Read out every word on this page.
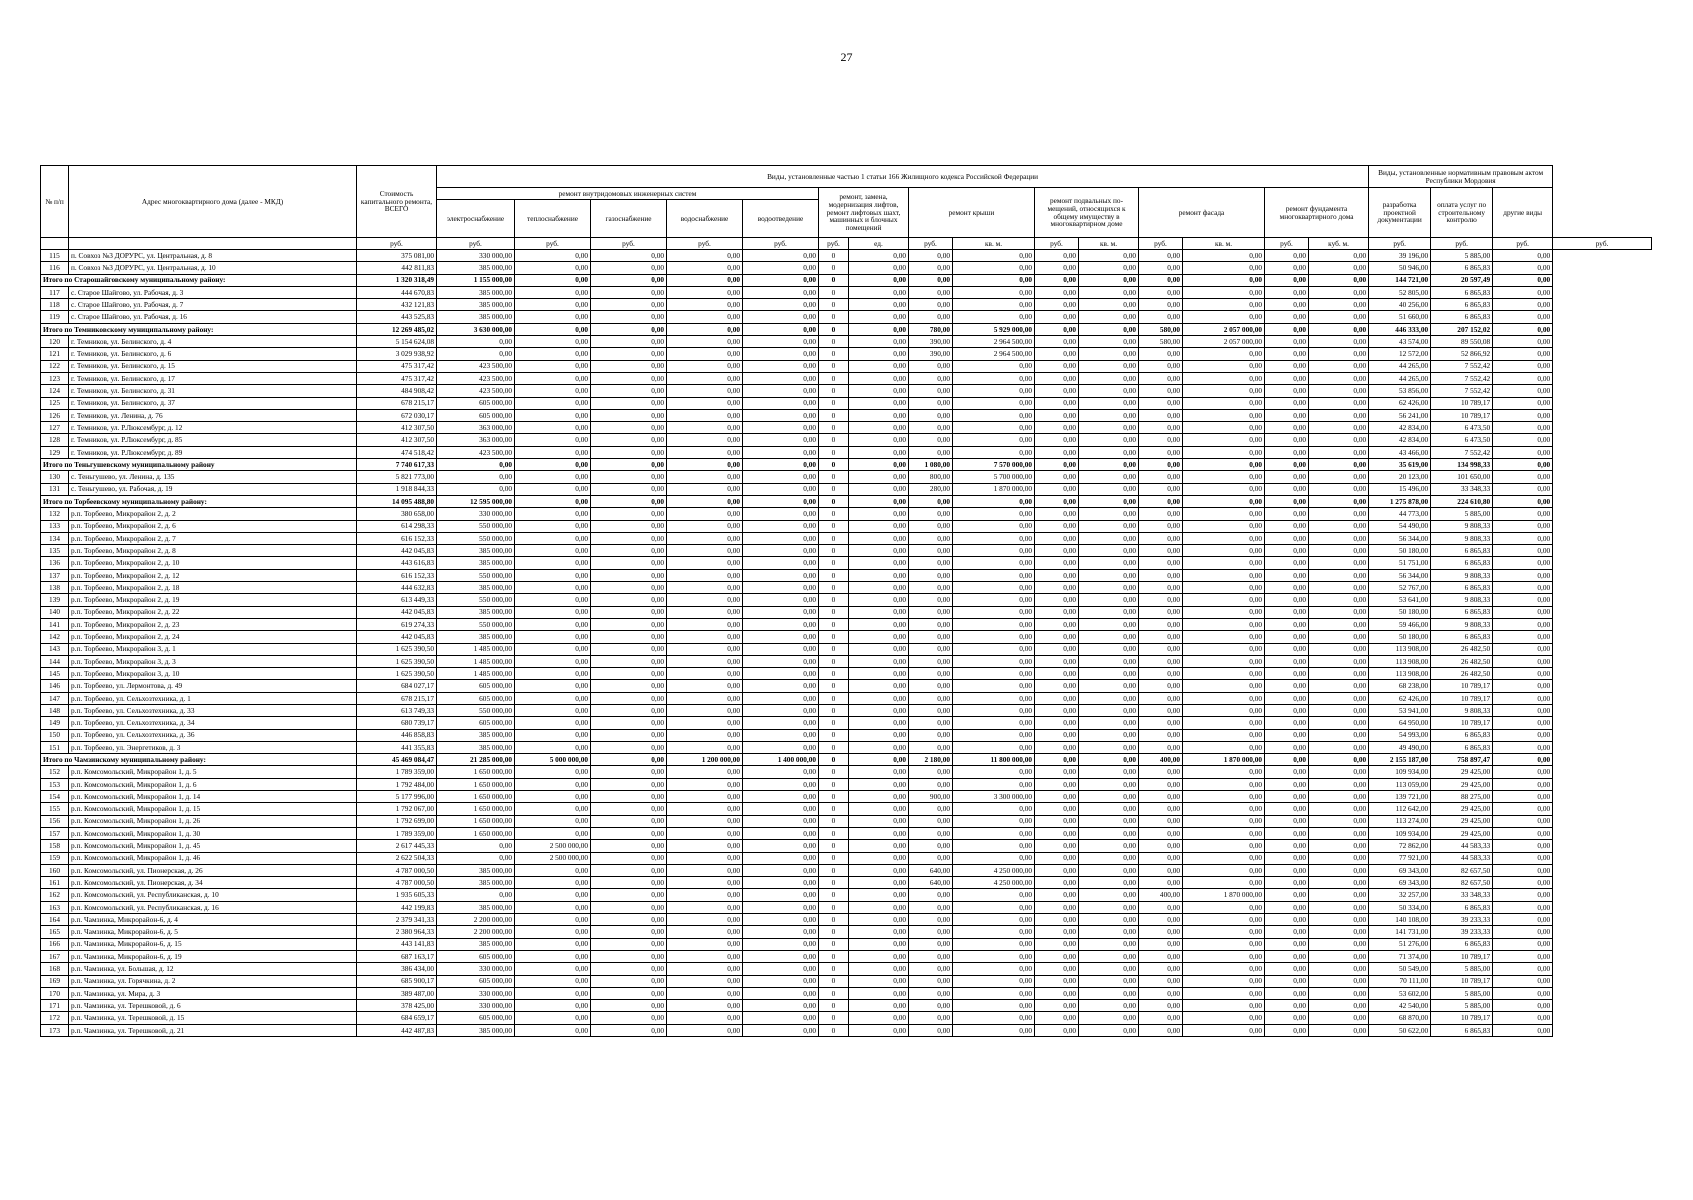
27
№ п/п	Адрес многоквартирного дома (далее - МКД)	Стоимость капитального ремонта, ВСЕГО	Виды, установленные частью 1 статьи 166 Жилищного кодекса Российской Федерации															Виды, установленные нормативным правовым актом Республики Мордовия			
			ремонт внутридомовых инженерных систем					ремонт, замена, модернизация лифтов, ремонт лифтовых шахт, машинных и блочных помещений		ремонт крыши		ремонт подвальных по-мещений, относящихся к общему имуществу в многоквартирном доме		ремонт фасада		ремонт фундамента многоквартирного дома		разработка проектной документации	оплата услуг по строительному контролю	другие виды	
			электроснабжение	теплоснабжение	газоснабжение	водоснабжение	водоотведение														
		руб.	руб.	руб.	руб.	руб.	руб.	руб.	ед.	руб.	кв. м.	руб.	кв. м.	руб.	кв. м.	руб.	куб. м.	руб.	руб.	руб.	руб.
115	п. Совхоз №3 ДОРУРС, ул. Центральная, д. 8	375 081,00	330 000,00	0,00	0,00	0,00	0,00	0	0,00	0,00	0,00	0,00	0,00	0,00	0,00	0,00	0,00	39 196,00	5 885,00	0,00	
116	п. Совхоз №3 ДОРУРС, ул. Центральная, д. 10	442 811,83	385 000,00	0,00	0,00	0,00	0,00	0	0,00	0,00	0,00	0,00	0,00	0,00	0,00	0,00	0,00	50 946,00	6 865,83	0,00	
Итого по Старошайговскому муниципальному району:		1 320 318,49	1 155 000,00	0,00	0,00	0,00	0,00	0	0,00	0,00	0,00	0,00	0,00	0,00	0,00	0,00	0,00	144 721,00	20 597,49	0,00	
117	с. Старое Шайгово, ул. Рабочая, д. 3	444 670,83	385 000,00	0,00	0,00	0,00	0,00	0	0,00	0,00	0,00	0,00	0,00	0,00	0,00	0,00	0,00	52 805,00	6 865,83	0,00	
118	с. Старое Шайгово, ул. Рабочая, д. 7	432 121,83	385 000,00	0,00	0,00	0,00	0,00	0	0,00	0,00	0,00	0,00	0,00	0,00	0,00	0,00	0,00	40 256,00	6 865,83	0,00	
119	с. Старое Шайгово, ул. Рабочая, д. 16	443 525,83	385 000,00	0,00	0,00	0,00	0,00	0	0,00	0,00	0,00	0,00	0,00	0,00	0,00	0,00	0,00	51 660,00	6 865,83	0,00	
Итого по Темниковскому муниципальному району:		12 269 485,02	3 630 000,00	0,00	0,00	0,00	0,00	0	0,00	780,00	5 929 000,00	0,00	0,00	580,00	2 057 000,00	0,00	0,00	446 333,00	207 152,02	0,00	
120	г. Темников, ул. Белинского, д. 4	5 154 624,08	0,00	0,00	0,00	0,00	0,00	0	0,00	390,00	2 964 500,00	0,00	0,00	580,00	2 057 000,00	0,00	0,00	43 574,00	89 550,08	0,00	
121	г. Темников, ул. Белинского, д. 6	3 029 938,92	0,00	0,00	0,00	0,00	0,00	0	0,00	390,00	2 964 500,00	0,00	0,00	0,00	0,00	0,00	0,00	12 572,00	52 866,92	0,00	
122	г. Темников, ул. Белинского, д. 15	475 317,42	423 500,00	0,00	0,00	0,00	0,00	0	0,00	0,00	0,00	0,00	0,00	0,00	0,00	0,00	0,00	44 265,00	7 552,42	0,00	
123	г. Темников, ул. Белинского, д. 17	475 317,42	423 500,00	0,00	0,00	0,00	0,00	0	0,00	0,00	0,00	0,00	0,00	0,00	0,00	0,00	0,00	44 265,00	7 552,42	0,00	
124	г. Темников, ул. Белинского, д. 31	484 908,42	423 500,00	0,00	0,00	0,00	0,00	0	0,00	0,00	0,00	0,00	0,00	0,00	0,00	0,00	0,00	53 856,00	7 552,42	0,00	
125	г. Темников, ул. Белинского, д. 37	678 215,17	605 000,00	0,00	0,00	0,00	0,00	0	0,00	0,00	0,00	0,00	0,00	0,00	0,00	0,00	0,00	62 426,00	10 789,17	0,00	
126	г. Темников, ул. Ленина, д. 76	672 030,17	605 000,00	0,00	0,00	0,00	0,00	0	0,00	0,00	0,00	0,00	0,00	0,00	0,00	0,00	0,00	56 241,00	10 789,17	0,00	
127	г. Темников, ул. Р.Люксембург, д. 12	412 307,50	363 000,00	0,00	0,00	0,00	0,00	0	0,00	0,00	0,00	0,00	0,00	0,00	0,00	0,00	0,00	42 834,00	6 473,50	0,00	
128	г. Темников, ул. Р.Люксембург, д. 85	412 307,50	363 000,00	0,00	0,00	0,00	0,00	0	0,00	0,00	0,00	0,00	0,00	0,00	0,00	0,00	0,00	42 834,00	6 473,50	0,00	
129	г. Темников, ул. Р.Люксембург, д. 89	474 518,42	423 500,00	0,00	0,00	0,00	0,00	0	0,00	0,00	0,00	0,00	0,00	0,00	0,00	0,00	0,00	43 466,00	7 552,42	0,00	
Итого по Теньгушевскому муниципальному району		7 740 617,33	0,00	0,00	0,00	0,00	0,00	0	0,00	1 080,00	7 570 000,00	0,00	0,00	0,00	0,00	0,00	0,00	35 619,00	134 998,33	0,00	
130	с. Теньгушево, ул. Ленина, д. 135	5 821 773,00	0,00	0,00	0,00	0,00	0,00	0	0,00	800,00	5 700 000,00	0,00	0,00	0,00	0,00	0,00	0,00	20 123,00	101 650,00	0,00	
131	с. Теньгушево, ул. Рабочая, д. 19	1 918 844,33	0,00	0,00	0,00	0,00	0,00	0	0,00	280,00	1 870 000,00	0,00	0,00	0,00	0,00	0,00	0,00	15 496,00	33 348,33	0,00	
Итого по Торбеевскому муниципальному району:		14 095 488,80	12 595 000,00	0,00	0,00	0,00	0,00	0	0,00	0,00	0,00	0,00	0,00	0,00	0,00	0,00	0,00	1 275 878,00	224 610,80	0,00	
132	р.п. Торбеево, Микрорайон 2, д. 2	380 658,00	330 000,00	0,00	0,00	0,00	0,00	0	0,00	0,00	0,00	0,00	0,00	0,00	0,00	0,00	0,00	44 773,00	5 885,00	0,00	
133	р.п. Торбеево, Микрорайон 2, д. 6	614 298,33	550 000,00	0,00	0,00	0,00	0,00	0	0,00	0,00	0,00	0,00	0,00	0,00	0,00	0,00	0,00	54 490,00	9 808,33	0,00	
134	р.п. Торбеево, Микрорайон 2, д. 7	616 152,33	550 000,00	0,00	0,00	0,00	0,00	0	0,00	0,00	0,00	0,00	0,00	0,00	0,00	0,00	0,00	56 344,00	9 808,33	0,00	
135	р.п. Торбеево, Микрорайон 2, д. 8	442 045,83	385 000,00	0,00	0,00	0,00	0,00	0	0,00	0,00	0,00	0,00	0,00	0,00	0,00	0,00	0,00	50 180,00	6 865,83	0,00	
136	р.п. Торбеево, Микрорайон 2, д. 10	443 616,83	385 000,00	0,00	0,00	0,00	0,00	0	0,00	0,00	0,00	0,00	0,00	0,00	0,00	0,00	0,00	51 751,00	6 865,83	0,00	
137	р.п. Торбеево, Микрорайон 2, д. 12	616 152,33	550 000,00	0,00	0,00	0,00	0,00	0	0,00	0,00	0,00	0,00	0,00	0,00	0,00	0,00	0,00	56 344,00	9 808,33	0,00	
138	р.п. Торбеево, Микрорайон 2, д. 18	444 632,83	385 000,00	0,00	0,00	0,00	0,00	0	0,00	0,00	0,00	0,00	0,00	0,00	0,00	0,00	0,00	52 767,00	6 865,83	0,00	
139	р.п. Торбеево, Микрорайон 2, д. 19	613 449,33	550 000,00	0,00	0,00	0,00	0,00	0	0,00	0,00	0,00	0,00	0,00	0,00	0,00	0,00	0,00	53 641,00	9 808,33	0,00	
140	р.п. Торбеево, Микрорайон 2, д. 22	442 045,83	385 000,00	0,00	0,00	0,00	0,00	0	0,00	0,00	0,00	0,00	0,00	0,00	0,00	0,00	0,00	50 180,00	6 865,83	0,00	
141	р.п. Торбеево, Микрорайон 2, д. 23	619 274,33	550 000,00	0,00	0,00	0,00	0,00	0	0,00	0,00	0,00	0,00	0,00	0,00	0,00	0,00	0,00	59 466,00	9 808,33	0,00	
142	р.п. Торбеево, Микрорайон 2, д. 24	442 045,83	385 000,00	0,00	0,00	0,00	0,00	0	0,00	0,00	0,00	0,00	0,00	0,00	0,00	0,00	0,00	50 180,00	6 865,83	0,00	
143	р.п. Торбеево, Микрорайон 3, д. 1	1 625 390,50	1 485 000,00	0,00	0,00	0,00	0,00	0	0,00	0,00	0,00	0,00	0,00	0,00	0,00	0,00	0,00	113 908,00	26 482,50	0,00	
144	р.п. Торбеево, Микрорайон 3, д. 3	1 625 390,50	1 485 000,00	0,00	0,00	0,00	0,00	0	0,00	0,00	0,00	0,00	0,00	0,00	0,00	0,00	0,00	113 908,00	26 482,50	0,00	
145	р.п. Торбеево, Микрорайон 3, д. 10	1 625 390,50	1 485 000,00	0,00	0,00	0,00	0,00	0	0,00	0,00	0,00	0,00	0,00	0,00	0,00	0,00	0,00	113 908,00	26 482,50	0,00	
146	р.п. Торбеево, ул. Лермонтова, д. 49	684 027,17	605 000,00	0,00	0,00	0,00	0,00	0	0,00	0,00	0,00	0,00	0,00	0,00	0,00	0,00	0,00	68 238,00	10 789,17	0,00	
147	р.п. Торбеево, ул. Сельхозтехника, д. 1	678 215,17	605 000,00	0,00	0,00	0,00	0,00	0	0,00	0,00	0,00	0,00	0,00	0,00	0,00	0,00	0,00	62 426,00	10 789,17	0,00	
148	р.п. Торбеево, ул. Сельхозтехника, д. 33	613 749,33	550 000,00	0,00	0,00	0,00	0,00	0	0,00	0,00	0,00	0,00	0,00	0,00	0,00	0,00	0,00	53 941,00	9 808,33	0,00	
149	р.п. Торбеево, ул. Сельхозтехника, д. 34	680 739,17	605 000,00	0,00	0,00	0,00	0,00	0	0,00	0,00	0,00	0,00	0,00	0,00	0,00	0,00	0,00	64 950,00	10 789,17	0,00	
150	р.п. Торбеево, ул. Сельхозтехника, д. 36	446 858,83	385 000,00	0,00	0,00	0,00	0,00	0	0,00	0,00	0,00	0,00	0,00	0,00	0,00	0,00	0,00	54 993,00	6 865,83	0,00	
151	р.п. Торбеево, ул. Энергетиков, д. 3	441 355,83	385 000,00	0,00	0,00	0,00	0,00	0	0,00	0,00	0,00	0,00	0,00	0,00	0,00	0,00	0,00	49 490,00	6 865,83	0,00	
Итого по Чамзинскому муниципальному району:		45 469 084,47	21 285 000,00	5 000 000,00	0,00	1 200 000,00	1 400 000,00	0	0,00	2 180,00	11 800 000,00	0,00	0,00	400,00	1 870 000,00	0,00	0,00	2 155 187,00	758 897,47	0,00	
152	р.п. Комсомольский, Микрорайон 1, д. 5	1 789 359,00	1 650 000,00	0,00	0,00	0,00	0,00	0	0,00	0,00	0,00	0,00	0,00	0,00	0,00	0,00	0,00	109 934,00	29 425,00	0,00	
153	р.п. Комсомольский, Микрорайон 1, д. 6	1 792 484,00	1 650 000,00	0,00	0,00	0,00	0,00	0	0,00	0,00	0,00	0,00	0,00	0,00	0,00	0,00	0,00	113 059,00	29 425,00	0,00	
154	р.п. Комсомольский, Микрорайон 1, д. 14	5 177 996,00	1 650 000,00	0,00	0,00	0,00	0,00	0	0,00	900,00	3 300 000,00	0,00	0,00	0,00	0,00	0,00	0,00	139 721,00	88 275,00	0,00	
155	р.п. Комсомольский, Микрорайон 1, д. 15	1 792 067,00	1 650 000,00	0,00	0,00	0,00	0,00	0	0,00	0,00	0,00	0,00	0,00	0,00	0,00	0,00	0,00	112 642,00	29 425,00	0,00	
156	р.п. Комсомольский, Микрорайон 1, д. 26	1 792 699,00	1 650 000,00	0,00	0,00	0,00	0,00	0	0,00	0,00	0,00	0,00	0,00	0,00	0,00	0,00	0,00	113 274,00	29 425,00	0,00	
157	р.п. Комсомольский, Микрорайон 1, д. 30	1 789 359,00	1 650 000,00	0,00	0,00	0,00	0,00	0	0,00	0,00	0,00	0,00	0,00	0,00	0,00	0,00	0,00	109 934,00	29 425,00	0,00	
158	р.п. Комсомольский, Микрорайон 1, д. 45	2 617 445,33	0,00	2 500 000,00	0,00	0,00	0,00	0	0,00	0,00	0,00	0,00	0,00	0,00	0,00	0,00	0,00	72 862,00	44 583,33	0,00	
159	р.п. Комсомольский, Микрорайон 1, д. 46	2 622 504,33	0,00	2 500 000,00	0,00	0,00	0,00	0	0,00	0,00	0,00	0,00	0,00	0,00	0,00	0,00	0,00	77 921,00	44 583,33	0,00	
160	р.п. Комсомольский, ул. Пионерская, д. 26	4 787 000,50	385 000,00	0,00	0,00	0,00	0,00	0	0,00	640,00	4 250 000,00	0,00	0,00	0,00	0,00	0,00	0,00	69 343,00	82 657,50	0,00	
161	р.п. Комсомольский, ул. Пионерская, д. 34	4 787 000,50	385 000,00	0,00	0,00	0,00	0,00	0	0,00	640,00	4 250 000,00	0,00	0,00	0,00	0,00	0,00	0,00	69 343,00	82 657,50	0,00	
162	р.п. Комсомольский, ул. Республиканская, д. 10	1 935 605,33	0,00	0,00	0,00	0,00	0,00	0	0,00	0,00	0,00	0,00	0,00	400,00	1 870 000,00	0,00	0,00	32 257,00	33 348,33	0,00	
163	р.п. Комсомольский, ул. Республиканская, д. 16	442 199,83	385 000,00	0,00	0,00	0,00	0,00	0	0,00	0,00	0,00	0,00	0,00	0,00	0,00	0,00	0,00	50 334,00	6 865,83	0,00	
164	р.п. Чамзинка, Микрорайон-6, д. 4	2 379 341,33	2 200 000,00	0,00	0,00	0,00	0,00	0	0,00	0,00	0,00	0,00	0,00	0,00	0,00	0,00	0,00	140 108,00	39 233,33	0,00	
165	р.п. Чамзинка, Микрорайон-6, д. 5	2 380 964,33	2 200 000,00	0,00	0,00	0,00	0,00	0	0,00	0,00	0,00	0,00	0,00	0,00	0,00	0,00	0,00	141 731,00	39 233,33	0,00	
166	р.п. Чамзинка, Микрорайон-6, д. 15	443 141,83	385 000,00	0,00	0,00	0,00	0,00	0	0,00	0,00	0,00	0,00	0,00	0,00	0,00	0,00	0,00	51 276,00	6 865,83	0,00	
167	р.п. Чамзинка, Микрорайон-6, д. 19	687 163,17	605 000,00	0,00	0,00	0,00	0,00	0	0,00	0,00	0,00	0,00	0,00	0,00	0,00	0,00	0,00	71 374,00	10 789,17	0,00	
168	р.п. Чамзинка, ул. Большая, д. 12	386 434,00	330 000,00	0,00	0,00	0,00	0,00	0	0,00	0,00	0,00	0,00	0,00	0,00	0,00	0,00	0,00	50 549,00	5 885,00	0,00	
169	р.п. Чамзинка, ул. Горячкина, д. 2	685 900,17	605 000,00	0,00	0,00	0,00	0,00	0	0,00	0,00	0,00	0,00	0,00	0,00	0,00	0,00	0,00	70 111,00	10 789,17	0,00	
170	р.п. Чамзинка, ул. Мира, д. 3	389 487,00	330 000,00	0,00	0,00	0,00	0,00	0	0,00	0,00	0,00	0,00	0,00	0,00	0,00	0,00	0,00	53 602,00	5 885,00	0,00	
171	р.п. Чамзинка, ул. Терешковой, д. 6	378 425,00	330 000,00	0,00	0,00	0,00	0,00	0	0,00	0,00	0,00	0,00	0,00	0,00	0,00	0,00	0,00	42 540,00	5 885,00	0,00	
172	р.п. Чамзинка, ул. Терешковой, д. 15	684 659,17	605 000,00	0,00	0,00	0,00	0,00	0	0,00	0,00	0,00	0,00	0,00	0,00	0,00	0,00	0,00	68 870,00	10 789,17	0,00	
173	р.п. Чамзинка, ул. Терешковой, д. 21	442 487,83	385 000,00	0,00	0,00	0,00	0,00	0	0,00	0,00	0,00	0,00	0,00	0,00	0,00	0,00	0,00	50 622,00	6 865,83	0,00	
